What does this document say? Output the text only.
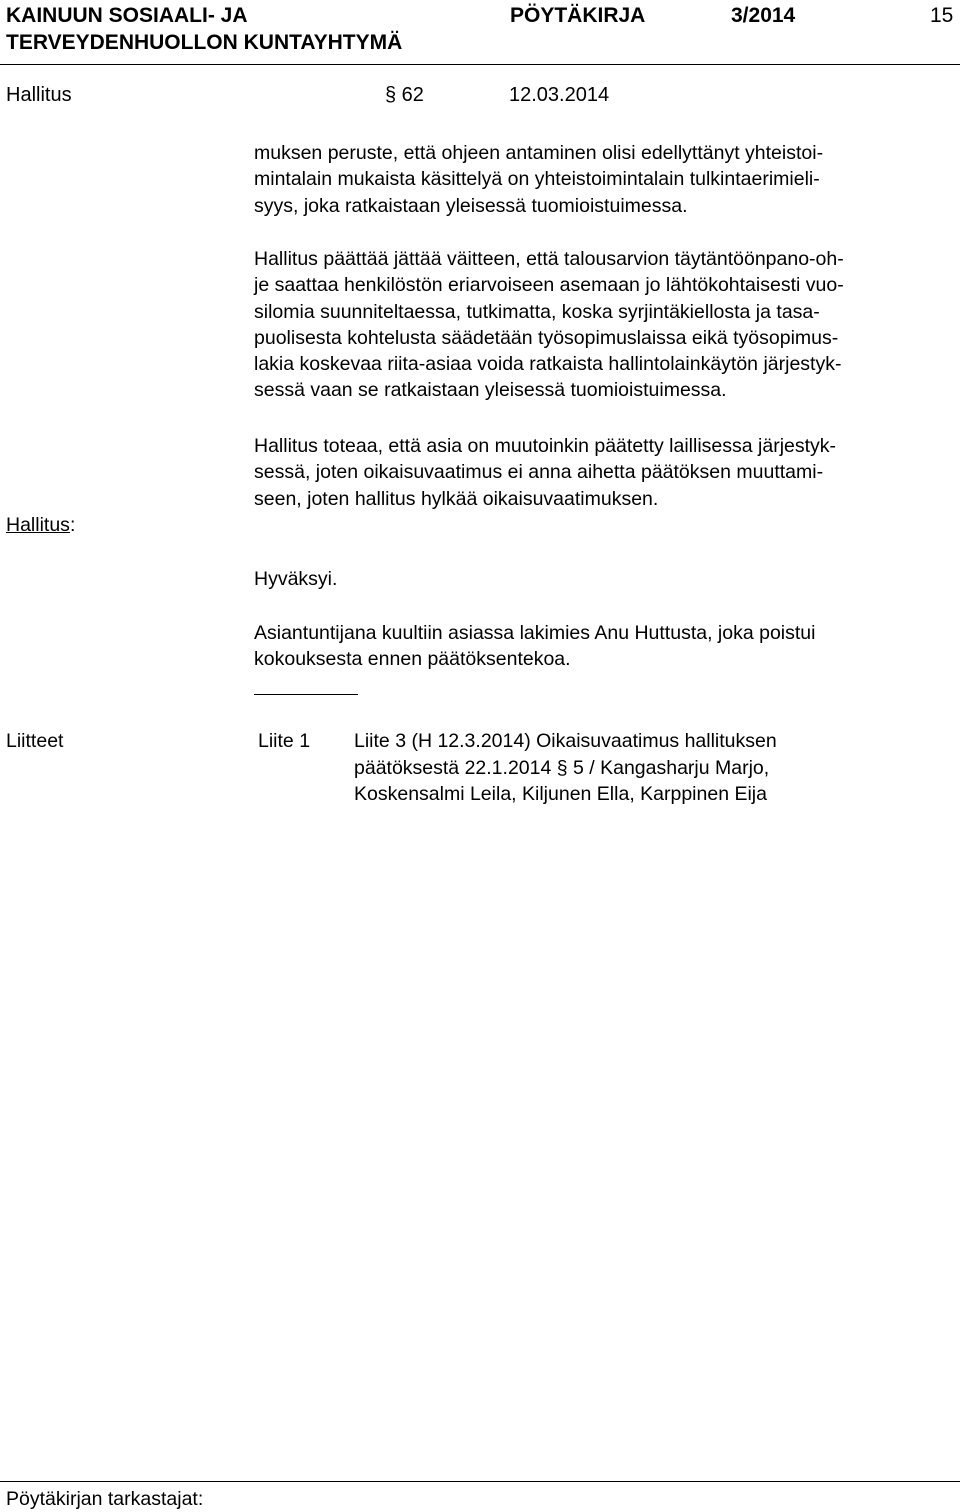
KAINUUN SOSIAALI- JA
TERVEYDENHUOLLON KUNTAYHTYMÄ
PÖYTÄKIRJA	3/2014	15
Hallitus	§ 62	12.03.2014
muksen peruste, että ohjeen antaminen olisi edellyttänyt yhteistoi-
mintalain mukaista käsittelyä on yhteistoimintalain tulkintaerimieli-
syys, joka ratkaistaan yleisessä tuomioistuimessa.
Hallitus päättää jättää väitteen, että talousarvion täytäntöönpano-oh-
je saattaa henkilöstön eriarvoiseen asemaan jo lähtökohtaisesti vuo-
silomia suunniteltaessa, tutkimatta, koska syrjintäkiellosta ja tasa-
puolisesta kohtelusta säädetään työsopimuslaissa eikä työsopimus-
lakia koskevaa riita-asiaa voida ratkaista hallintolainkäytön järjestyk-
sessä vaan se ratkaistaan yleisessä tuomioistuimessa.
Hallitus toteaa, että asia on muutoinkin päätetty laillisessa järjestyk-
sessä, joten oikaisuvaatimus ei anna aihetta päätöksen muuttami-
seen, joten hallitus hylkää oikaisuvaatimuksen.
Hallitus:
Hyväksyi.
Asiantuntijana kuultiin asiassa lakimies Anu Huttusta, joka poistui
kokouksesta ennen päätöksentekoa.
Liitteet	Liite 1 Liite 3 (H 12.3.2014) Oikaisuvaatimus hallituksen
päätöksestä 22.1.2014 § 5 / Kangasharju Marjo,
Koskensalmi Leila, Kiljunen Ella, Karppinen Eija
Pöytäkirjan tarkastajat:
